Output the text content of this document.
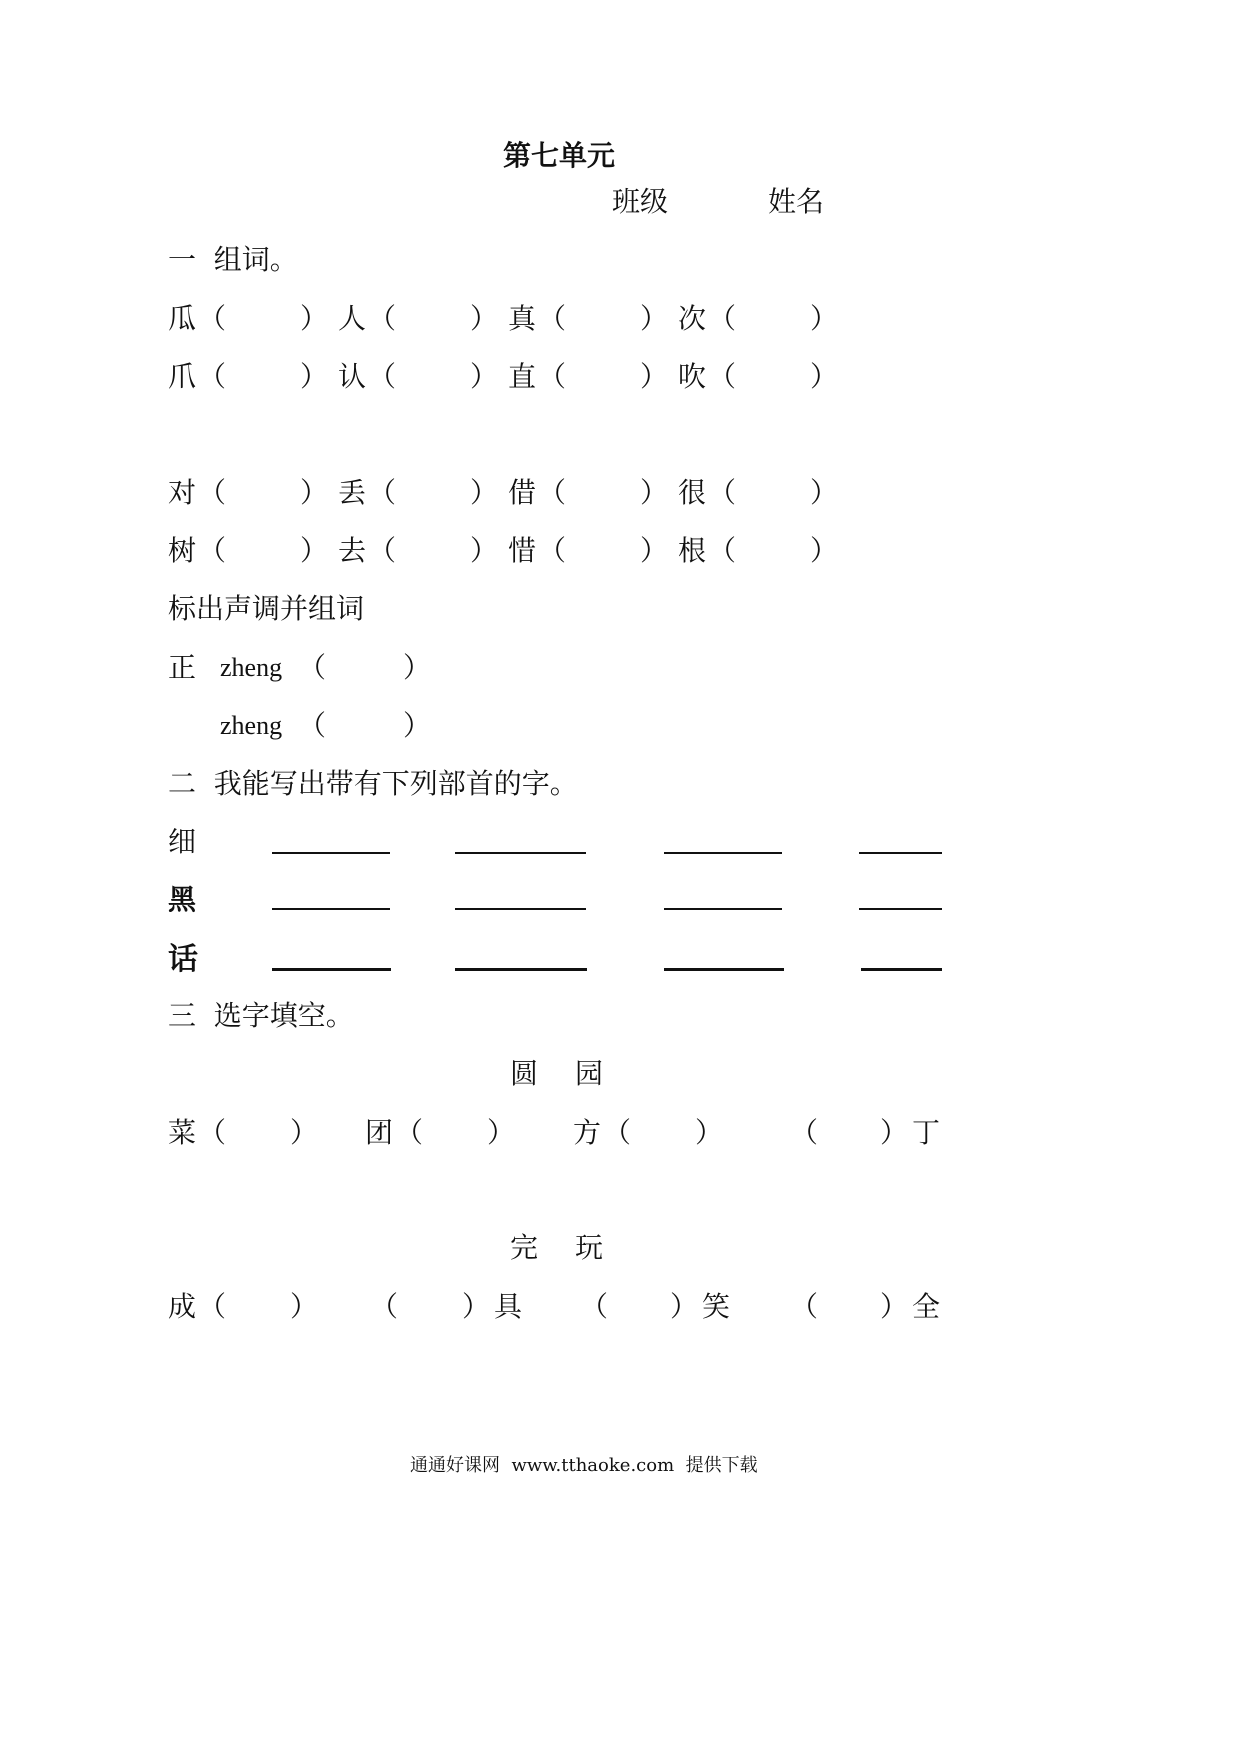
第七单元
班级	姓名
一  组词。
瓜 （	） 人 （	） 真 （	） 次 （	）
爪 （	） 认 （	） 直 （	） 吹 （	）
对 （	） 丢 （	） 借 （	） 很 （	）
树 （	） 去 （	） 惜 （	） 根 （	）
标出声调并组词
正 zheng （	）
zheng （	）
二  我能写出带有下列部首的字。
细
黑
话
三  选字填空。
圆 园
菜 （ ） 团 （ ） 方 （ ） （ ） 丁
完 玩
成 （ ） （ ） 具 （ ） 笑 （ ） 全
通通好课网  www.tthaoke.com  提供下载
